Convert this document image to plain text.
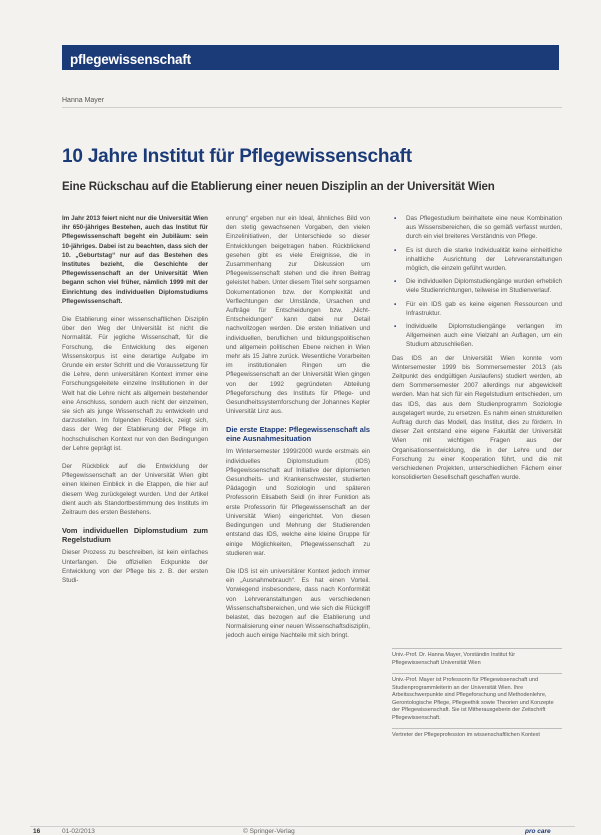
pflegewissenschaft
Hanna Mayer
10 Jahre Institut für Pflegewissenschaft
Eine Rückschau auf die Etablierung einer neuen Disziplin an der Universität Wien

Im Jahr 2013 feiert nicht nur die Universität Wien ihr 650-jähriges Bestehen, auch das Institut für Pflegewissenschaft begeht ein Jubiläum: sein 10-jähriges. Dabei ist zu beachten, dass sich der 10. „Geburtstag“ nur auf das Bestehen des Institutes bezieht, die Geschichte der Pflegewissenschaft an der Universität Wien begann schon viel früher, nämlich 1999 mit der Einrichtung des individuellen Diplomstudiums Pflegewissenschaft.

Die Etablierung einer wissenschaftlichen Disziplin über den Weg der Universität ist nicht die Normalität. Für jegliche Wissenschaft, für die Forschung, die Entwicklung des eigenen Wissenskorpus ist eine derartige Aufgabe im Grunde ein erster Schritt und die Voraussetzung für die Lehre, denn universitären Kontext immer eine Forschungsgeleitete einzelne Institutionen in der Welt hat die Lehre nicht als allgemein bestehender eine Anschluss, sondern auch nicht der einzelnen, sie sich als junge Wissenschaft zu entwickeln und darzustellen. Im folgenden Rückblick, zeigt sich, dass der Weg der Etablierung der Pflege im hochschulischen Kontext nur von den Bedingungen der Lehre geprägt ist.

Der Rückblick auf die Entwicklung der Pflegewissenschaft an der Universität Wien gibt einen kleinen Einblick in die Etappen, die hier auf diesem Weg zurückgelegt wurden. Und der Artikel dient auch als Standortbestimmung des Instituts im Zeitraum des ersten Bestehens.

Vom individuellen Diplomstudium zum Regelstudium

Dieser Prozess zu beschreiben, ist kein einfaches Unterfangen. Die offiziellen Eckpunkte der Entwicklung von der Pflege bis z. B. der ersten Studi-

enrung“ ergeben nur ein Ideal, ähnliches Bild von den stetig gewachsenen Vorgaben, den vielen Einzelinitiativen, der Unterschiede so dieser Entwicklungen beigetragen haben. Rückblickend gesehen gibt es viele Ereignisse, die in Zusammenhang zur Diskussion um Pflegewissenschaft stehen und die ihren Beitrag geleistet haben. Unter diesem Titel sehr sorgsamen Dokumentationen bzw. der Komplexität und Verflechtungen der Umstände, Ursachen und Aufträge für Entscheidungen bzw. „Nicht-Entscheidungen“ kann dabei nur Detail nachvollzogen werden. Die ersten Initiativen und individuellen, beruflichen und bildungspolitischen und allgemein politischen Ebene reichen in Wien mehr als 15 Jahre zurück. Wesentliche Vorarbeiten im institutionalen Ringen um die Pflegewissenschaft an der Universität Wien gingen von der 1992 gegründeten Abteilung Pflegeforschung des Instituts für Pflege- und Gesundheitssystemforschung der Johannes Kepler Universität Linz aus.

Die erste Etappe: Pflegewissenschaft als eine Ausnahmesituation

Im Wintersemester 1999/2000 wurde erstmals ein individuelles Diplomstudium (IDS) Pflegewissenschaft auf Initiative der diplomierten Gesundheits- und Krankenschwester, studierten Pädagogin und Soziologin und späteren Professorin Elisabeth Seidl (in ihrer Funktion als erste Professorin für Pflegewissenschaft an der Universität Wien) eingerichtet. Von diesen Bedingungen und Mehrung der Studierenden entstand das IDS, welche eine kleine Gruppe für einige Möglichkeiten, Pflegewissenschaft zu studieren war.

Die IDS ist ein universitärer Kontext jedoch immer ein „Ausnahmebrauch“. Es hat einen Vorteil. Vorwiegend insbesondere, dass nach Konformität von Lehrveranstaltungen aus verschiedenen Wissenschaftsbereichen, und wie sich die Rückgriff belastet, das bezogen auf die Etablierung und Normalisierung einer neuen Wissenschaftsdisziplin, jedoch auch einige Nachteile mit sich bringt.

▪ Das Pflegestudium beinhaltete eine neue Kombination aus Wissensbereichen, die so gemäß verfasst wurden, durch ein viel breiteres Verständnis von Pflege.
▪ Es ist durch die starke Individualität keine einheitliche inhaltliche Ausrichtung der Lehrveranstaltungen möglich, die einzeln geführt wurden.
▪ Die individuellen Diplomstudiengänge wurden erheblich viele Studienrichtungen, teilweise im Studienverlauf.
▪ Für ein IDS gab es keine eigenen Ressourcen und Infrastruktur.
▪ Individuelle Diplomstudiengänge verlangen im Allgemeinen auch eine Vielzahl an Auflagen, um ein Studium abzuschließen.

Das IDS an der Universität Wien konnte vom Wintersemester 1999 bis Sommersemester 2013 (als Zeitpunkt des endgültigen Auslaufens) studiert werden, ab dem Sommersemester 2007 allerdings nur abgewickelt werden. Man hat sich für ein Regelstudium entschieden, um das IDS, das aus dem Studienprogramm Soziologie ausgelagert wurde, zu ersetzen. Es nahm einen strukturellen Auftrag durch das Modell, das Institut, dies zu fördern. In dieser Zeit entstand eine eigene Fakultät der Universität Wien mit wichtigen Fragen aus der Organisationsentwicklung, die in der Lehre und der Forschung zu einer Kooperation führt, und die mit verschiedenen Projekten, unterschiedlichen Fächern einer konsolidierten Gesellschaft geschaffen wurde.

Univ.-Prof. Dr. Hanna Mayer, Vorständin Institut für Pflegewissenschaft Universität Wien

Univ.-Prof. Mayer ist Professorin für Pflegewissenschaft und Studienprogrammleiterin an der Universität Wien. Ihre Arbeitsschwerpunkte sind Pflegeforschung und Methodenlehre, Gerontologische Pflege, Pflegeethik sowie Theorien und Konzepte der Pflegewissenschaft. Sie ist Mitherausgeberin der Zeitschrift Pflegewissenschaft.

Vertreter der Pflegeprofession im wissenschaftlichen Kontext

16	01-02/2013	© Springer-Verlag	pro care
